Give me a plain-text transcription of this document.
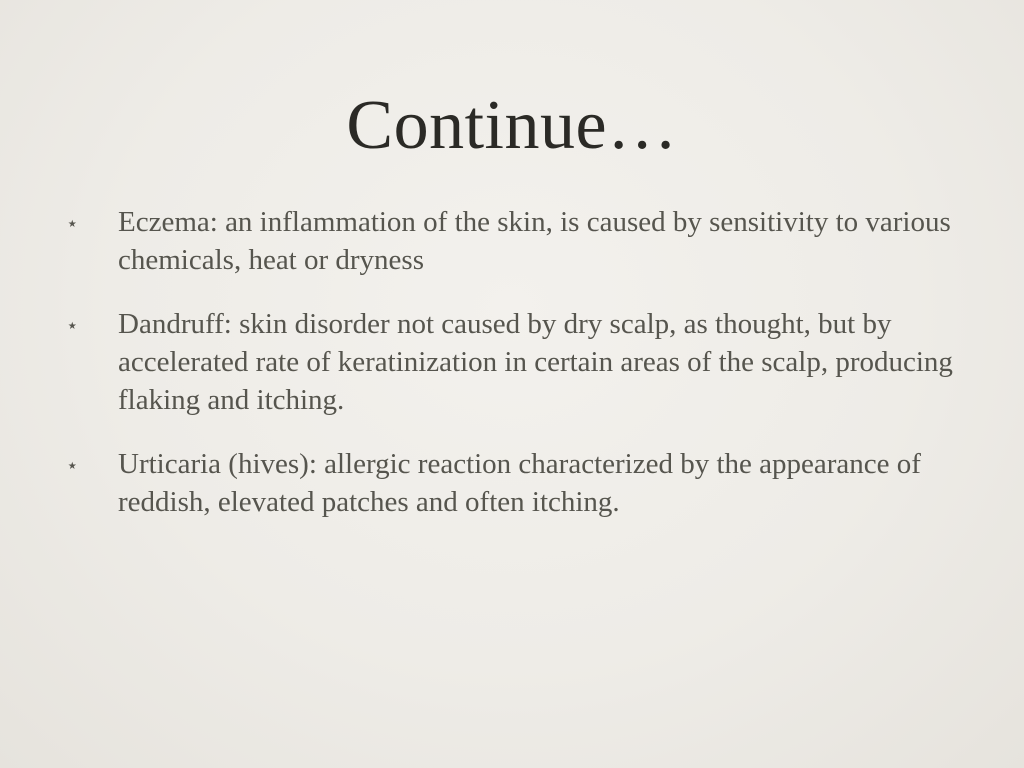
Continue…
⋆ Eczema: an inflammation of the skin, is caused by sensitivity to various chemicals, heat or dryness
⋆ Dandruff: skin disorder not caused by dry scalp, as thought, but by accelerated rate of keratinization in certain areas of the scalp, producing flaking and itching.
⋆ Urticaria (hives): allergic reaction characterized by the appearance of reddish, elevated patches and often itching.
